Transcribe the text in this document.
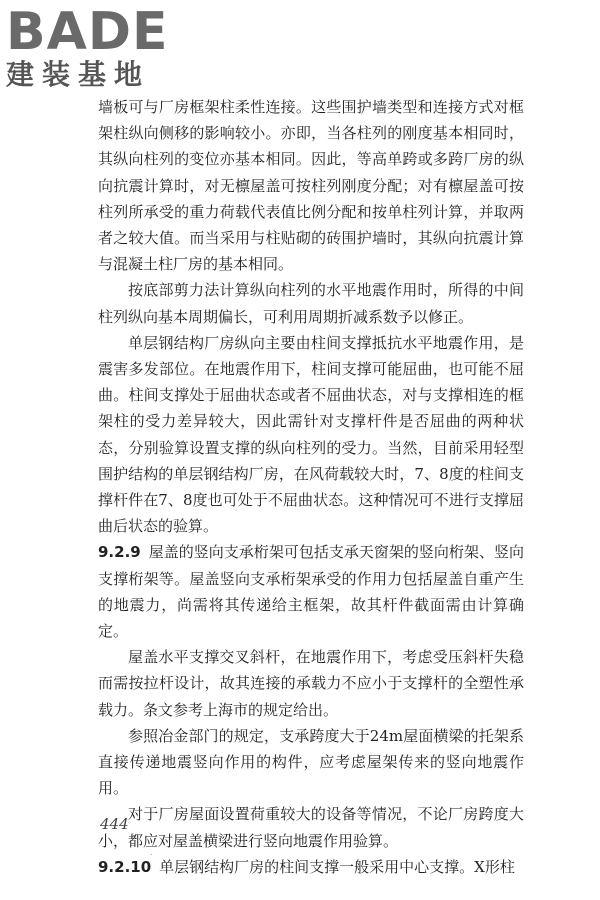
BADE
建装基地

墙板可与厂房框架柱柔性连接。这些围护墙类型和连接方式对框架柱纵向侧移的影响较小。亦即，当各柱列的刚度基本相同时，其纵向柱列的变位亦基本相同。因此，等高单跨或多跨厂房的纵向抗震计算时，对无檩屋盖可按柱列刚度分配；对有檩屋盖可按柱列所承受的重力荷载代表值比例分配和按单柱列计算，并取两者之较大值。而当采用与柱贴砌的砖围护墙时，其纵向抗震计算与混凝土柱厂房的基本相同。

按底部剪力法计算纵向柱列的水平地震作用时，所得的中间柱列纵向基本周期偏长，可利用周期折减系数予以修正。

单层钢结构厂房纵向主要由柱间支撑抵抗水平地震作用，是震害多发部位。在地震作用下，柱间支撑可能屈曲，也可能不屈曲。柱间支撑处于屈曲状态或者不屈曲状态，对与支撑相连的框架柱的受力差异较大，因此需针对支撑杆件是否屈曲的两种状态，分别验算设置支撑的纵向柱列的受力。当然，目前采用轻型围护结构的单层钢结构厂房，在风荷载较大时，7、8度的柱间支撑杆件在7、8度也可处于不屈曲状态。这种情况可不进行支撑屈曲后状态的验算。

9.2.9 屋盖的竖向支承桁架可包括支承天窗架的竖向桁架、竖向支撑桁架等。屋盖竖向支承桁架承受的作用力包括屋盖自重产生的地震力，尚需将其传递给主框架，故其杆件截面需由计算确定。

屋盖水平支撑交叉斜杆，在地震作用下，考虑受压斜杆失稳而需按拉杆设计，故其连接的承载力不应小于支撑杆的全塑性承载力。条文参考上海市的规定给出。

参照冶金部门的规定，支承跨度大于24m屋面横梁的托架系直接传递地震竖向作用的构件，应考虑屋架传来的竖向地震作用。

对于厂房屋面设置荷重较大的设备等情况，不论厂房跨度大小，都应对屋盖横梁进行竖向地震作用验算。

9.2.10 单层钢结构厂房的柱间支撑一般采用中心支撑。X形柱

444
.
